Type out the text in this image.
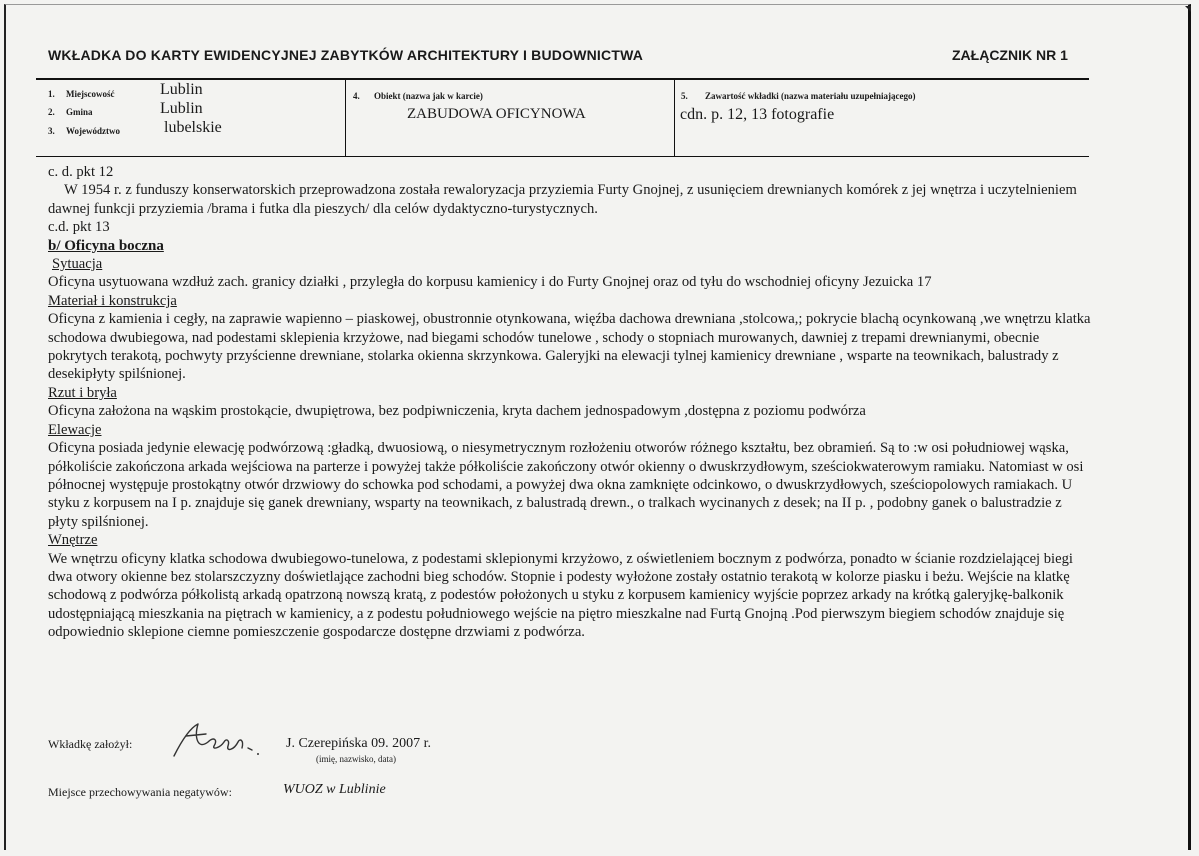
WKŁADKA DO KARTY EWIDENCYJNEJ ZABYTKÓW ARCHITEKTURY I BUDOWNICTWA	ZAŁĄCZNIK NR 1
1. Miejscowość	Lublin
2. Gmina	Lublin
3. Województwo	lubelskie
4. Obiekt (nazwa jak w karcie)
ZABUDOWA OFICYNOWA
5. Zawartość wkładki (nazwa materiału uzupełniającego)
cdn. p. 12, 13 fotografie

c. d. pkt 12

W 1954 r. z funduszy konserwatorskich przeprowadzona została rewaloryzacja przyziemia Furty Gnojnej, z usunięciem drewnianych komórek z jej wnętrza i uczytelnieniem dawnej funkcji przyziemia /brama i futka dla pieszych/ dla celów dydaktyczno-turystycznych.

c.d. pkt 13

b/ Oficyna boczna

Sytuacja

Oficyna usytuowana wzdłuż zach. granicy działki , przyległa do korpusu kamienicy i do Furty Gnojnej oraz od tyłu do wschodniej oficyny Jezuicka 17

Materiał i konstrukcja

Oficyna z kamienia i cegły, na zaprawie wapienno – piaskowej, obustronnie otynkowana, więźba dachowa drewniana ,stolcowa,; pokrycie blachą ocynkowaną ,we wnętrzu klatka schodowa dwubiegowa, nad podestami sklepienia krzyżowe, nad biegami schodów tunelowe , schody o stopniach murowanych, dawniej z trepami drewnianymi, obecnie pokrytych terakotą, pochwyty przyścienne drewniane, stolarka okienna skrzynkowa. Galeryjki na elewacji tylnej kamienicy drewniane , wsparte na teownikach, balustrady z desekipłyty spilśnionej.

Rzut i bryła

Oficyna założona na wąskim prostokącie, dwupiętrowa, bez podpiwniczenia, kryta dachem jednospadowym ,dostępna z poziomu podwórza

Elewacje

Oficyna posiada jedynie elewację podwórzową :gładką, dwuosiową, o niesymetrycznym rozłożeniu otworów różnego kształtu, bez obramień. Są to :w osi południowej wąska, półkoliście zakończona arkada wejściowa na parterze i powyżej także półkoliście zakończony otwór okienny o dwuskrzydłowym, sześciokwaterowym ramiaku. Natomiast w osi północnej występuje prostokątny otwór drzwiowy do schowka pod schodami, a powyżej dwa okna zamknięte odcinkowo, o dwuskrzydłowych, sześciopolowych ramiakach. U styku z korpusem na I p. znajduje się ganek drewniany, wsparty na teownikach, z balustradą drewn., o tralkach wycinanych z desek; na II p. , podobny ganek o balustradzie z płyty spilśnionej.

Wnętrze

We wnętrzu oficyny klatka schodowa dwubiegowo-tunelowa, z podestami sklepionymi krzyżowo, z oświetleniem bocznym z podwórza, ponadto w ścianie rozdzielającej biegi dwa otwory okienne bez stolarszczyzny doświetlające zachodni bieg schodów. Stopnie i podesty wyłożone zostały ostatnio terakotą w kolorze piasku i beżu. Wejście na klatkę schodową z podwórza półkolistą arkadą opatrzoną nowszą kratą, z podestów położonych u styku z korpusem kamienicy wyjście poprzez arkady na krótką galeryjkę-balkonik udostępniającą mieszkania na piętrach w kamienicy, a z podestu południowego wejście na piętro mieszkalne nad Furtą Gnojną .Pod pierwszym biegiem schodów znajduje się odpowiednio sklepione ciemne pomieszczenie gospodarcze dostępne drzwiami z podwórza.

Wkładkę założył:	J. Czerepińska 09. 2007 r.
(imię, nazwisko, data)
Miejsce przechowywania negatywów:	WUOZ w Lublinie
